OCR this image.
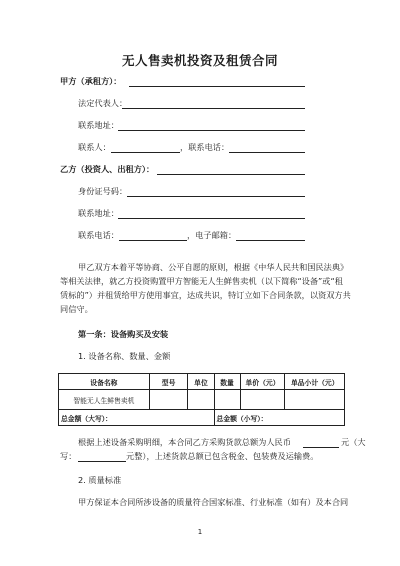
无人售卖机投资及租赁合同
甲方（承租方）：
法定代表人：
联系地址：
联系人：	，联系电话：
乙方（投资人、出租方）：
身份证号码：
联系地址：
联系电话：	，电子邮箱：
甲乙双方本着平等协商、公平自愿的原则，根据《中华人民共和国民法典》
等相关法律，就乙方投资购置甲方智能无人生鲜售卖机（以下简称“设备”或“租
赁标的”）并租赁给甲方使用事宜，达成共识，特订立如下合同条款，以资双方共
同信守。
第一条：设备购买及安装
1. 设备名称、数量、金额
设备名称	型号	单位	数量	单价（元）	单品小计（元）
智能无人生鲜售卖机					
总金额（大写）：			总金额（小写）：		
根据上述设备采购明细，本合同乙方采购货款总额为人民币	元（大
写：	元整），上述货款总额已包含税金、包装费及运输费。
2. 质量标准
甲方保证本合同所涉设备的质量符合国家标准、行业标准（如有）及本合同
1
